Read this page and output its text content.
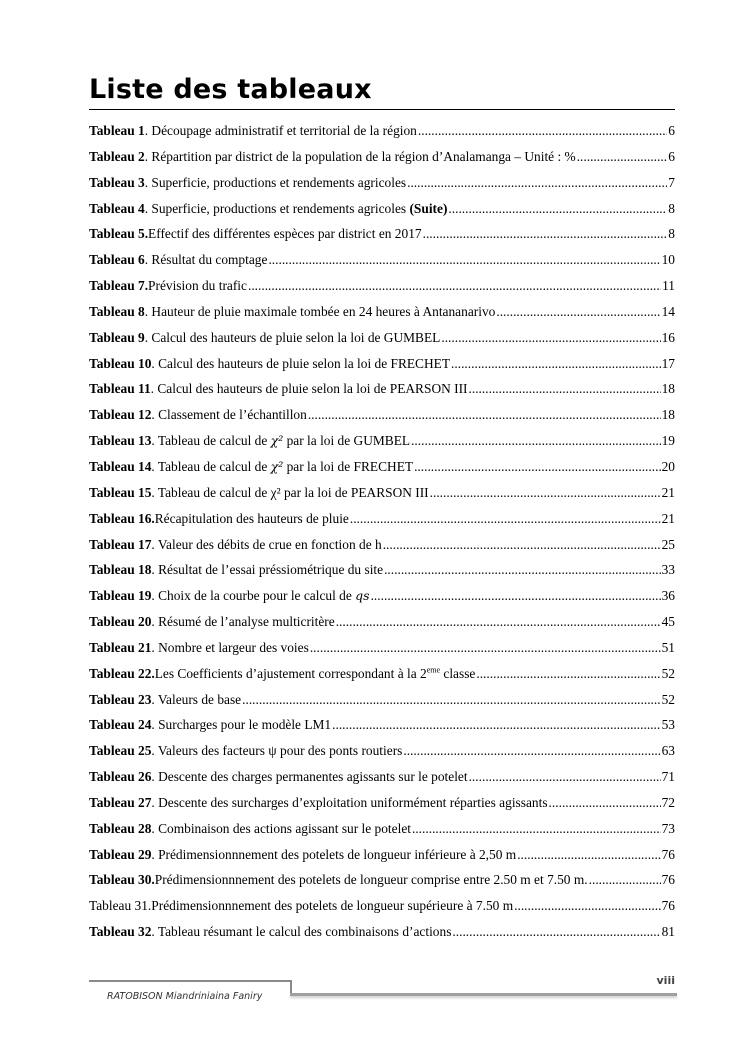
Liste des tableaux
Tableau 1 . Découpage administratif et territorial de la région .....	6
Tableau 2 . Répartition par district de la population de la région d’Analamanga – Unité : % .....	6
Tableau 3 . Superficie, productions et rendements agricoles .....	7
Tableau 4 . Superficie, productions et rendements agricoles (Suite) .....	8
Tableau 5. Effectif des différentes espèces par district en 2017 .....	8
Tableau 6 . Résultat du comptage .....	10
Tableau 7. Prévision du trafic .....	11
Tableau 8 . Hauteur de pluie maximale tombée en 24 heures à Antananarivo .....	14
Tableau 9 . Calcul des hauteurs de pluie selon la loi de GUMBEL .....	16
Tableau 10 . Calcul des hauteurs de pluie selon la loi de FRECHET .....	17
Tableau 11 . Calcul des hauteurs de pluie selon la loi de PEARSON III .....	18
Tableau 12 . Classement de l’échantillon .....	18
Tableau 13 . Tableau de calcul de χ² par la loi de GUMBEL .....	19
Tableau 14 . Tableau de calcul de χ² par la loi de FRECHET .....	20
Tableau 15 . Tableau de calcul de χ² par la loi de PEARSON III .....	21
Tableau 16. Récapitulation des hauteurs de pluie .....	21
Tableau 17 . Valeur des débits de crue en fonction de h .....	25
Tableau 18 . Résultat de l’essai préssiométrique du site .....	33
Tableau 19 . Choix de la courbe pour le calcul de qs .....	36
Tableau 20 . Résumé de l’analyse multicritère .....	45
Tableau 21 . Nombre et largeur des voies .....	51
Tableau 22. Les Coefficients d’ajustement correspondant à la 2eme classe .....	52
Tableau 23 . Valeurs de base .....	52
Tableau 24 . Surcharges pour le modèle LM1 .....	53
Tableau 25 . Valeurs des facteurs ψ pour des ponts routiers .....	63
Tableau 26 . Descente des charges permanentes agissants sur le potelet .....	71
Tableau 27 . Descente des surcharges d’exploitation uniformément réparties agissants .....	72
Tableau 28 . Combinaison des actions agissant sur le potelet .....	73
Tableau 29 . Prédimensionnnement des potelets de longueur inférieure à 2,50 m .....	76
Tableau 30. Prédimensionnnement des potelets de longueur comprise entre 2.50 m et 7.50 m. .....	76
Tableau 31. Prédimensionnnement des potelets de longueur supérieure à 7.50 m .....	76
Tableau 32 . Tableau résumant le calcul des combinaisons d’actions .....	81
viii
RATOBISON Miandriniaina Faniry
